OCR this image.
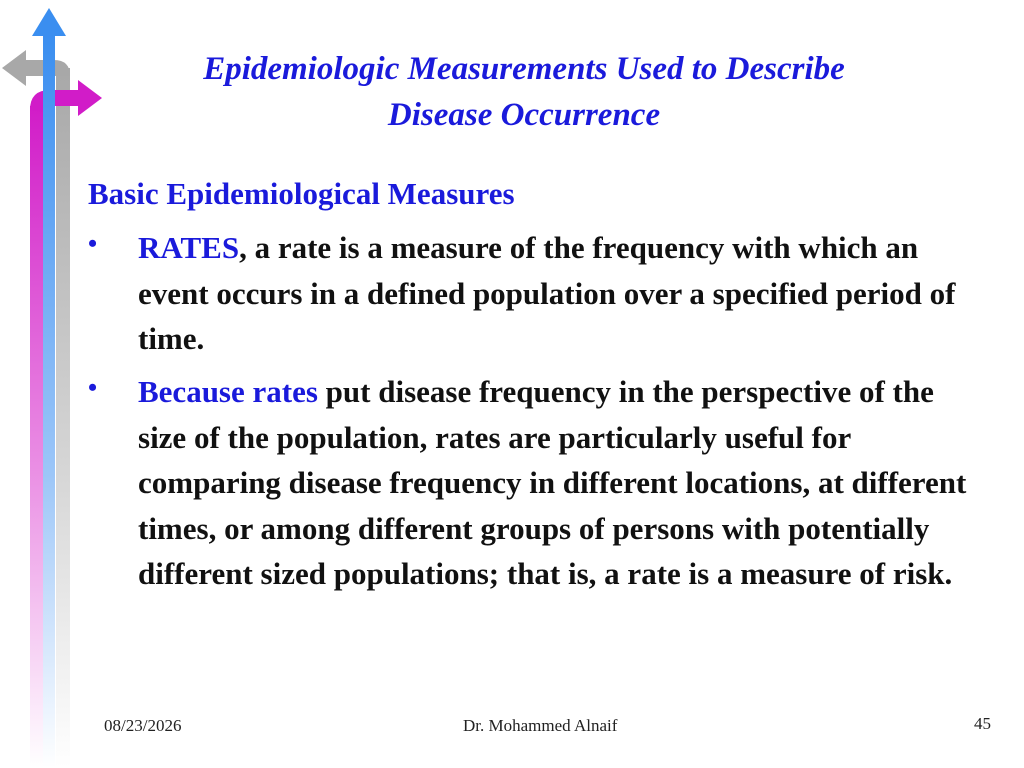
Epidemiologic Measurements Used to Describe
Disease Occurrence
Basic Epidemiological Measures
• RATES, a rate is a measure of the frequency with which an event occurs in a defined population over a specified period of time.
• Because rates put disease frequency in the perspective of the size of the population, rates are particularly useful for comparing disease frequency in different locations, at different times, or among different groups of persons with potentially different sized populations; that is, a rate is a measure of risk.
08/23/2026	Dr. Mohammed Alnaif	45
